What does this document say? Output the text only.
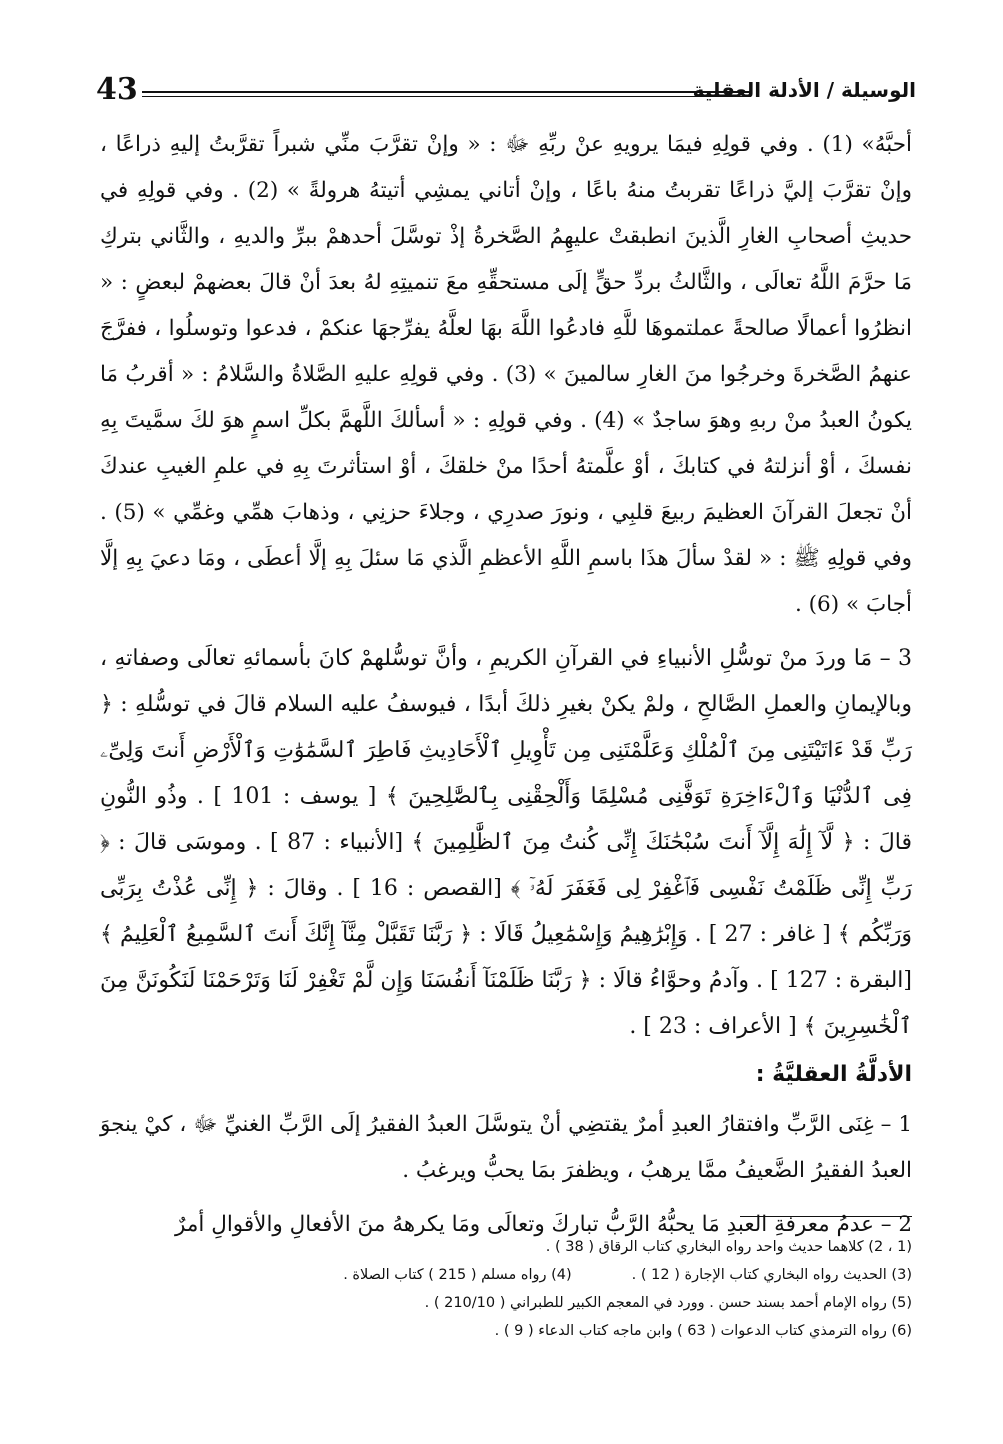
43	الوسيلة / الأدلة العقلية

أحبَّهُ» (1) . وفي قولِهِ فيمَا يرويهِ عنْ ربِّهِ ﷻ : « وإنْ تقرَّبَ منِّي شبراً تقرَّبتُ إليهِ ذراعًا ، وإنْ تقرَّبَ إليَّ ذراعًا تقربتُ منهُ باعًا ، وإنْ أتاني يمشِي أتيتهُ هرولةً » (2) . وفي قولِهِ في حديثِ أصحابِ الغارِ الَّذينَ انطبقتْ عليهِمُ الصَّخرةُ إذْ توسَّلَ أحدهمْ ببرِّ والديهِ ، والثَّاني بتركِ مَا حرَّمَ اللَّهُ تعالَى ، والثَّالثُ بردِّ حقٍّ إلَى مستحقِّهِ معَ تنميتِهِ لهُ بعدَ أنْ قالَ بعضهمْ لبعضٍ : « انظرُوا أعمالًا صالحةً عملتموهَا للَّهِ فادعُوا اللَّهَ بهَا لعلَّهُ يفرِّجهَا عنكمْ ، فدعوا وتوسلُوا ، ففرَّجَ عنهمُ الصَّخرةَ وخرجُوا منَ الغارِ سالمينَ » (3) . وفي قولِهِ عليهِ الصَّلاةُ والسَّلامُ : « أقربُ مَا يكونُ العبدُ منْ ربهِ وهوَ ساجدٌ » (4) . وفي قولِهِ : « أسألكَ اللَّهمَّ بكلِّ اسمٍ هوَ لكَ سمَّيتَ بِهِ نفسكَ ، أوْ أنزلتهُ في كتابكَ ، أوْ علَّمتهُ أحدًا منْ خلقكَ ، أوْ استأثرتَ بِهِ في علمِ الغيبِ عندكَ أنْ تجعلَ القرآنَ العظيمَ ربيعَ قلبِي ، ونورَ صدرِي ، وجلاءَ حزنِي ، وذهابَ همِّي وغمِّي » (5) . وفي قولِهِ ﷺ : « لقدْ سألَ هذَا باسمِ اللَّهِ الأعظمِ الَّذي مَا سئلَ بِهِ إلَّا أعطَى ، ومَا دعيَ بِهِ إلَّا أجابَ » (6) .

3 – مَا وردَ منْ توسُّلِ الأنبياءِ في القرآنِ الكريمِ ، وأنَّ توسُّلهمْ كانَ بأسمائهِ تعالَى وصفاتهِ ، وبالإيمانِ والعملِ الصَّالحِ ، ولمْ يكنْ بغيرِ ذلكَ أبدًا ، فيوسفُ عليه السلام قالَ في توسُّلهِ : ﴿ رَبِّ قَدْ ءَاتَيْتَنِى مِنَ ٱلْمُلْكِ وَعَلَّمْتَنِى مِن تَأْوِيلِ ٱلْأَحَادِيثِ فَاطِرَ ٱلسَّمَٰوَٰتِ وَٱلْأَرْضِ أَنتَ وَلِىِّۦ فِى ٱلدُّنْيَا وَٱلْءَاخِرَةِ تَوَفَّنِى مُسْلِمًا وَأَلْحِقْنِى بِٱلصَّٰلِحِينَ ﴾ [ يوسف : 101 ] . وذُو النُّونِ قالَ : ﴿ لَّآ إِلَٰهَ إِلَّآ أَنتَ سُبْحَٰنَكَ إِنِّى كُنتُ مِنَ ٱلظَّٰلِمِينَ ﴾ [الأنبياء : 87 ] . وموسَى قالَ : ﴿ رَبِّ إِنِّى ظَلَمْتُ نَفْسِى فَٱغْفِرْ لِى فَغَفَرَ لَهُۥٓ ﴾ [القصص : 16 ] . وقالَ : ﴿ إِنِّى عُذْتُ بِرَبِّى وَرَبِّكُم ﴾ [ غافر : 27 ] . وَإِبْرَٰهِيمُ وَإِسْمَٰعِيلُ قَالَا : ﴿ رَبَّنَا تَقَبَّلْ مِنَّآ إِنَّكَ أَنتَ ٱلسَّمِيعُ ٱلْعَلِيمُ ﴾ [البقرة : 127 ] . وآدمُ وحوَّاءُ قالَا : ﴿ رَبَّنَا ظَلَمْنَآ أَنفُسَنَا وَإِن لَّمْ تَغْفِرْ لَنَا وَتَرْحَمْنَا لَنَكُونَنَّ مِنَ ٱلْخَٰسِرِينَ ﴾ [ الأعراف : 23 ] .

الأدلَّةُ العقليَّةُ :

1 – غِنَى الرَّبِّ وافتقارُ العبدِ أمرٌ يقتضِي أنْ يتوسَّلَ العبدُ الفقيرُ إلَى الرَّبِّ الغنيِّ ﷻ ، كيْ ينجوَ العبدُ الفقيرُ الضَّعيفُ ممَّا يرهبُ ، ويظفرَ بمَا يحبُّ ويرغبُ .

2 – عدمُ معرفةِ العبدِ مَا يحبُّهُ الرَّبُّ تباركَ وتعالَى ومَا يكرههُ منَ الأفعالِ والأقوالِ أمرٌ

(1 ، 2) كلاهما حديث واحد رواه البخاري كتاب الرقاق ( 38 ) .
(3) الحديث رواه البخاري كتاب الإجارة ( 12 ) .(4) رواه مسلم ( 215 ) كتاب الصلاة .
(5) رواه الإمام أحمد بسند حسن . وورد في المعجم الكبير للطبراني ( 210/10 ) .
(6) رواه الترمذي كتاب الدعوات ( 63 ) وابن ماجه كتاب الدعاء ( 9 ) .
